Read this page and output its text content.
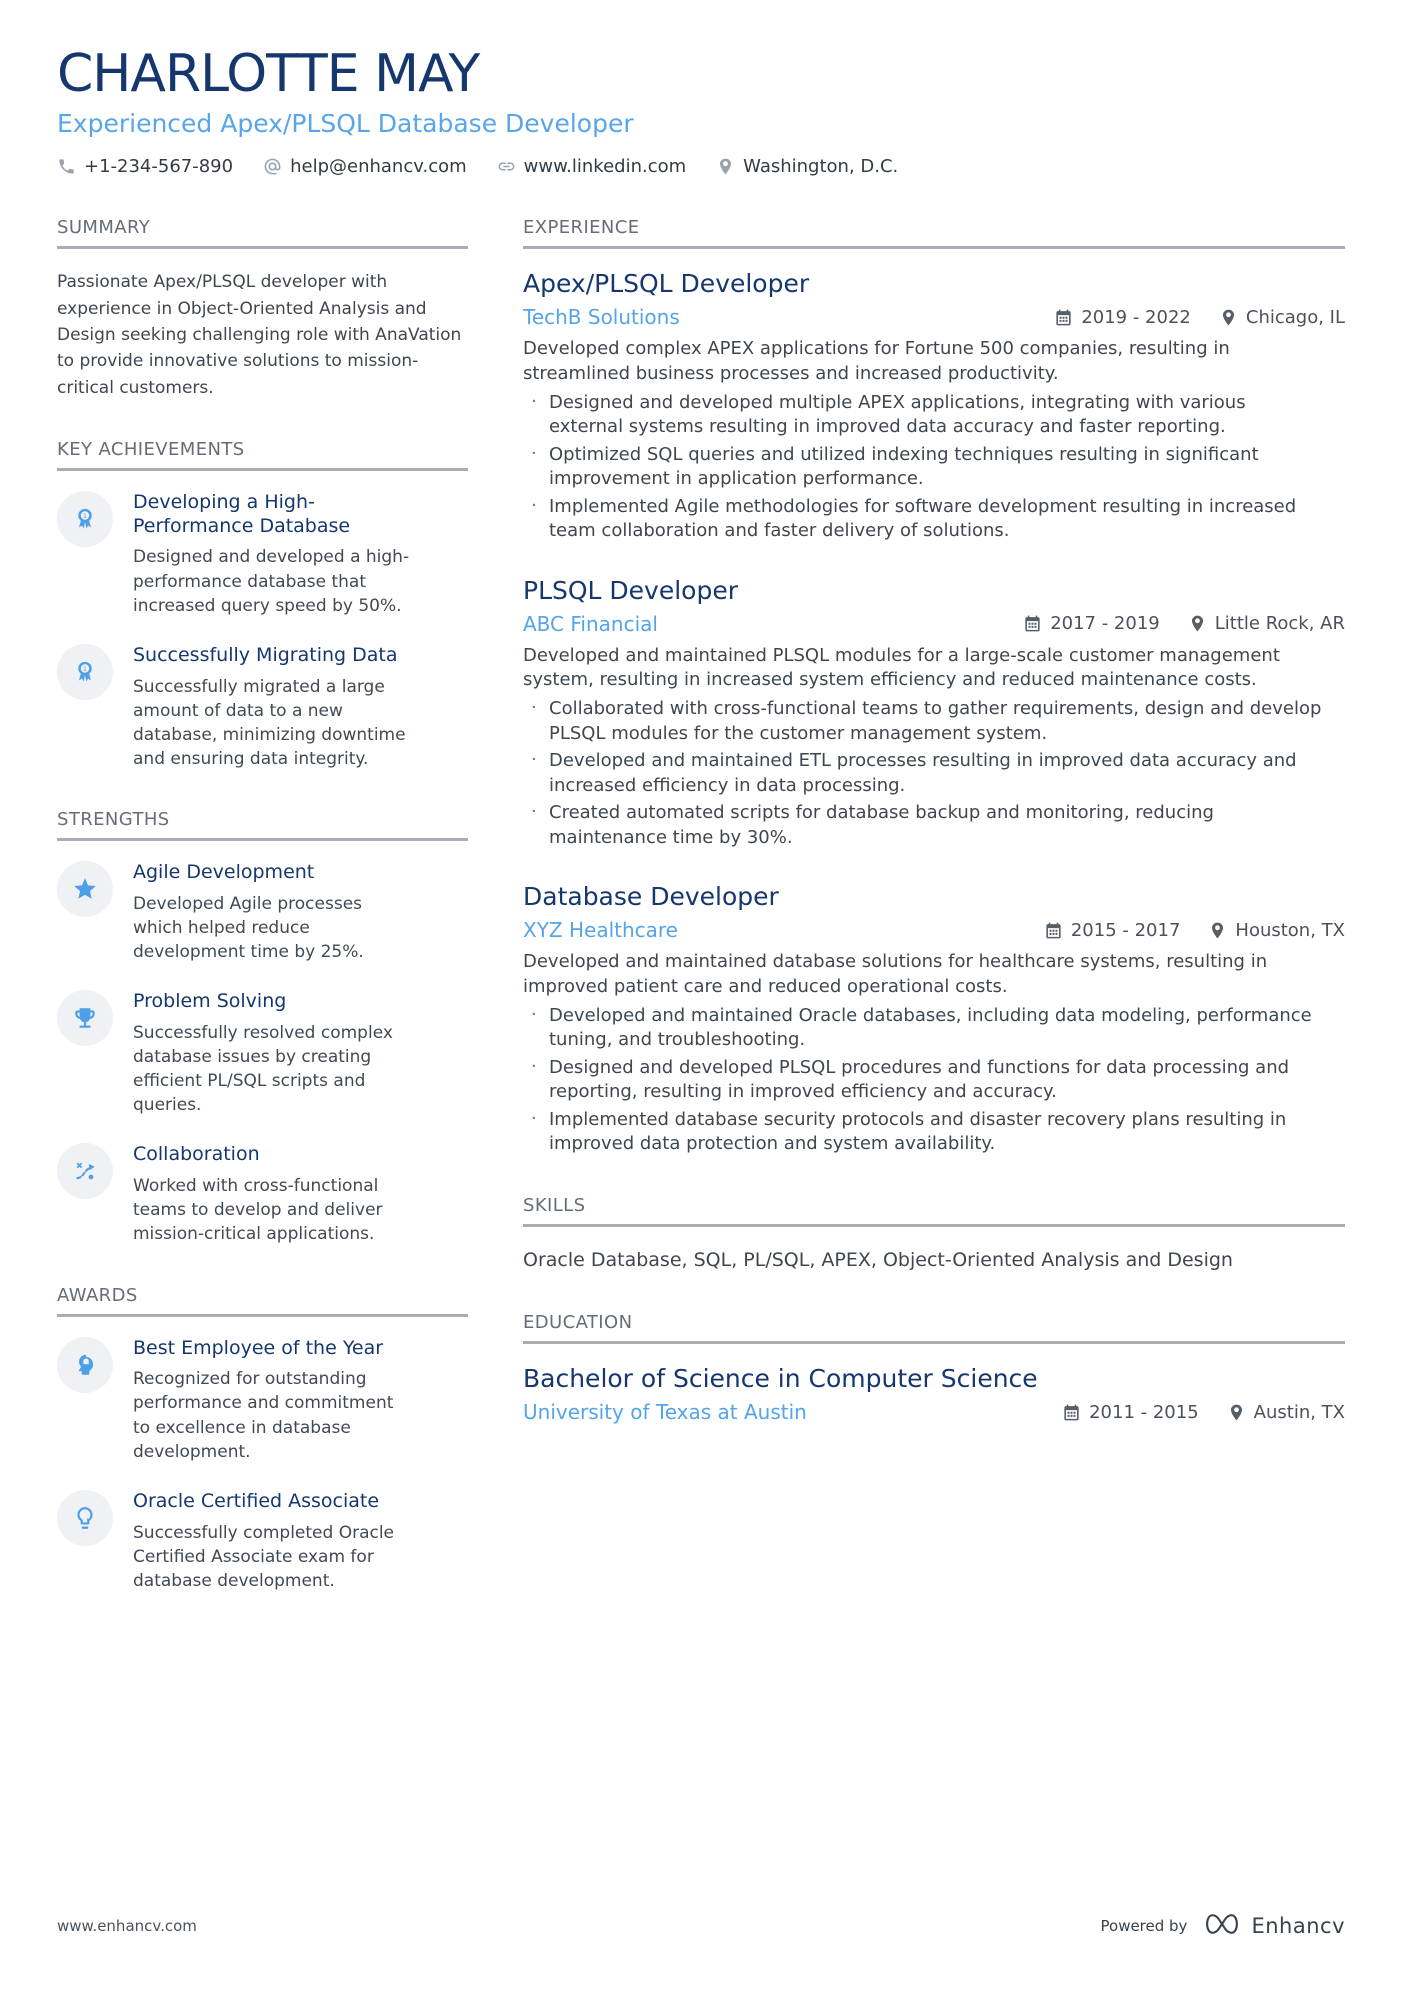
CHARLOTTE MAY
Experienced Apex/PLSQL Database Developer
+1-234-567-890	help@enhancv.com	www.linkedin.com	Washington, D.C.
SUMMARY

Passionate Apex/PLSQL developer with experience in Object-Oriented Analysis and Design seeking challenging role with AnaVation to provide innovative solutions to mission-critical customers.

KEY ACHIEVEMENTS
1
Developing a High-Performance Database
Designed and developed a high-performance database that increased query speed by 50%.
1
Successfully Migrating Data
Successfully migrated a large amount of data to a new database, minimizing downtime and ensuring data integrity.
STRENGTHS
Agile Development
Developed Agile processes which helped reduce development time by 25%.
Problem Solving
Successfully resolved complex database issues by creating efficient PL/SQL scripts and queries.
Collaboration
Worked with cross-functional teams to develop and deliver mission-critical applications.
AWARDS
Best Employee of the Year
Recognized for outstanding performance and commitment to excellence in database development.
Oracle Certified Associate
Successfully completed Oracle Certified Associate exam for database development.
EXPERIENCE
Apex/PLSQL Developer
TechB Solutions	2019 - 2022	Chicago, IL

Developed complex APEX applications for Fortune 500 companies, resulting in streamlined business processes and increased productivity.

· Designed and developed multiple APEX applications, integrating with various external systems resulting in improved data accuracy and faster reporting.
· Optimized SQL queries and utilized indexing techniques resulting in significant improvement in application performance.
· Implemented Agile methodologies for software development resulting in increased team collaboration and faster delivery of solutions.
PLSQL Developer
ABC Financial	2017 - 2019	Little Rock, AR

Developed and maintained PLSQL modules for a large-scale customer management system, resulting in increased system efficiency and reduced maintenance costs.

· Collaborated with cross-functional teams to gather requirements, design and develop PLSQL modules for the customer management system.
· Developed and maintained ETL processes resulting in improved data accuracy and increased efficiency in data processing.
· Created automated scripts for database backup and monitoring, reducing maintenance time by 30%.
Database Developer
XYZ Healthcare	2015 - 2017	Houston, TX

Developed and maintained database solutions for healthcare systems, resulting in improved patient care and reduced operational costs.

· Developed and maintained Oracle databases, including data modeling, performance tuning, and troubleshooting.
· Designed and developed PLSQL procedures and functions for data processing and reporting, resulting in improved efficiency and accuracy.
· Implemented database security protocols and disaster recovery plans resulting in improved data protection and system availability.
SKILLS

Oracle Database, SQL, PL/SQL, APEX, Object-Oriented Analysis and Design

EDUCATION
Bachelor of Science in Computer Science
University of Texas at Austin	2011 - 2015	Austin, TX
www.enhancv.com	Powered by	Enhancv
